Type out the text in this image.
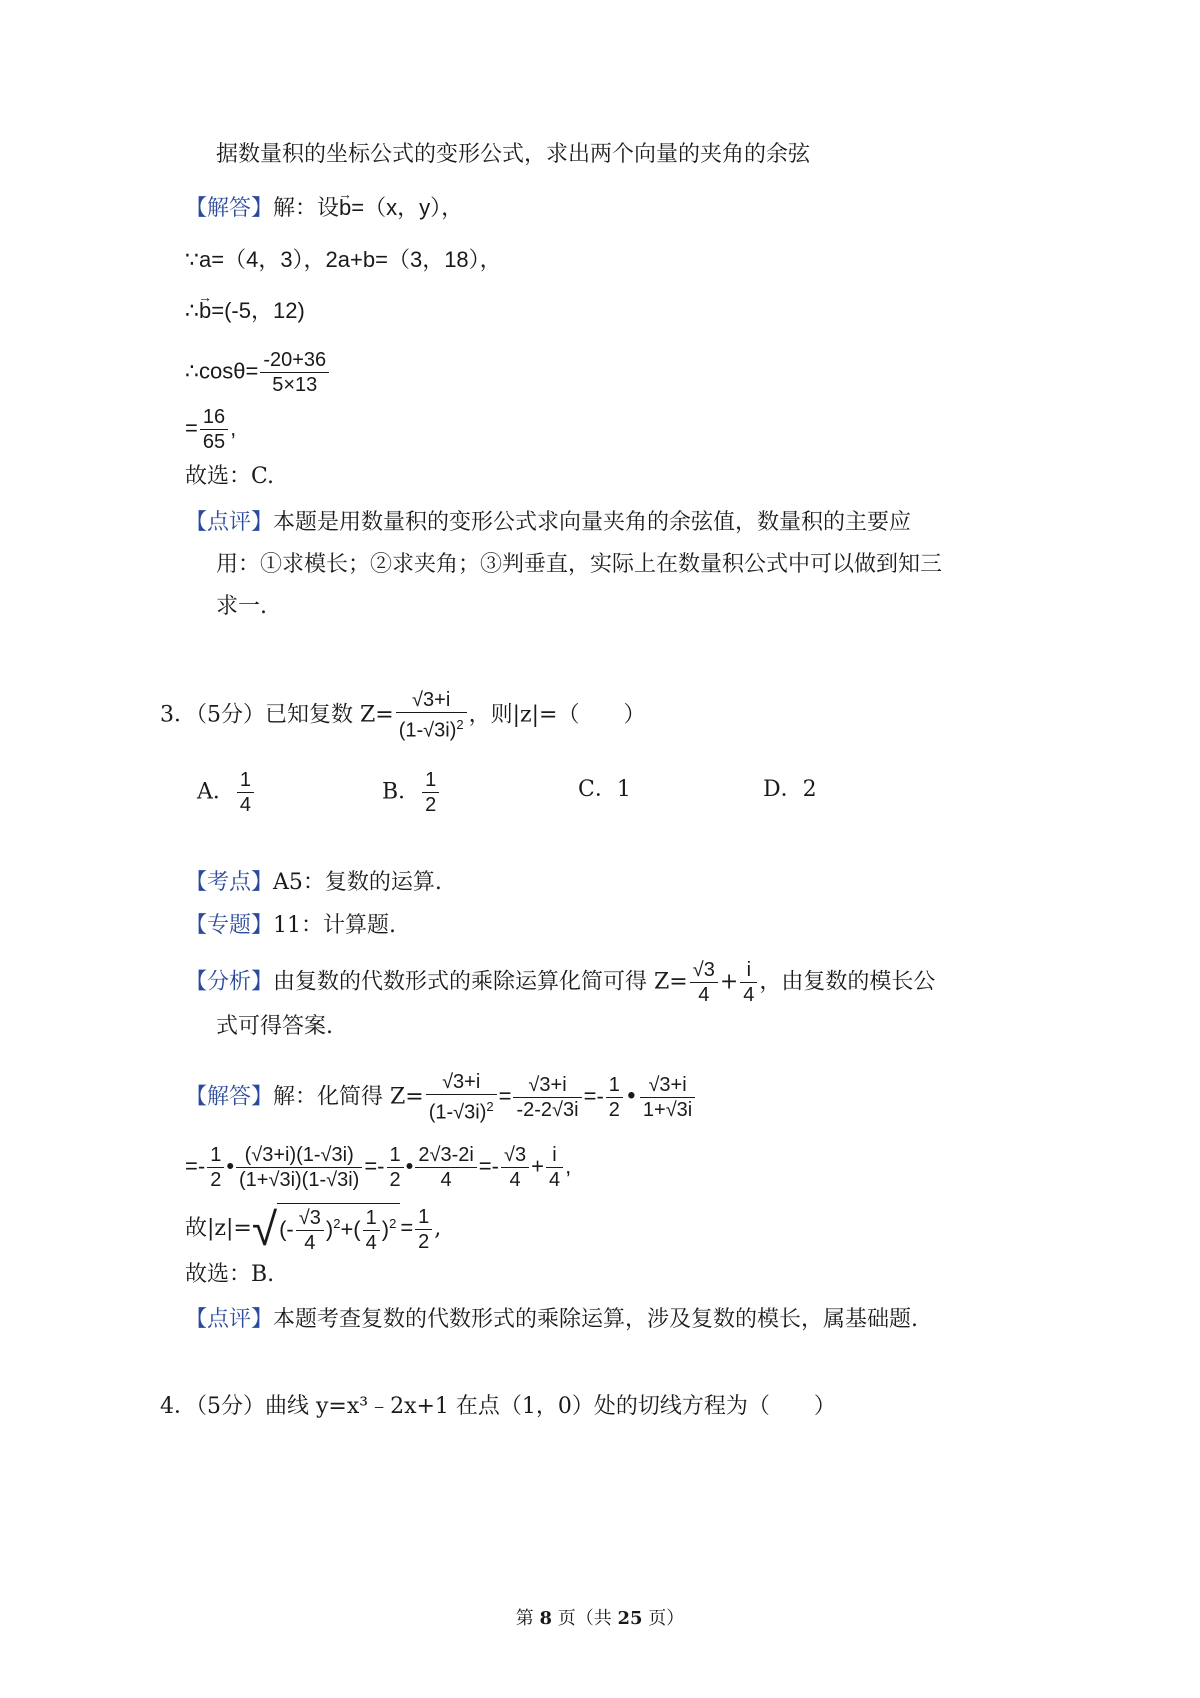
据数量积的坐标公式的变形公式，求出两个向量的夹角的余弦
【解答】解：设→ b=（x，y），
∵a=（4，3），2a+b=（3，18），
∴→ b=(-5，12)
∴cosθ= $\frac{-20+36}{5\times 13}$
= $\frac{16}{65}$ ,
故选：C.
【点评】本题是用数量积的变形公式求向量夹角的余弦值，数量积的主要应
用：①求模长；②求夹角；③判垂直，实际上在数量积公式中可以做到知三
求一.
3．（5分）已知复数 $Z= \frac{√3+i}{(1-√3i)^2}$ ，则|z|=（　　）
A． $\frac{1}{4}$	B． $\frac{1}{2}$	C．1	D．2
【考点】A5：复数的运算.
【专题】11：计算题.
【分析】由复数的代数形式的乘除运算化简可得 $Z= \frac{√3}{4} + \frac{i}{4}$ ，由复数的模长公
式可得答案.
【解答】解：化简得 $Z= \frac{√3+i}{(1-√3i)^2} = \frac{√3+i}{-2-2√3i} =- \frac{1}{2}$ • $\frac{√3+i}{1+√3i}$
=- $\frac{1}{2}$ • $\frac{(√3+i)(1-√3i)}{(1+√3i)(1-√3i)} =- \frac{1}{2}$ • $\frac{2√3-2i}{4} =- \frac{√3}{4} + \frac{i}{4}$ ,
故$|z|=√(- \frac{√3}{4} )^2+( \frac{1}{4} )^2 = \frac{1}{2}$ ,
故选：B.
【点评】本题考查复数的代数形式的乘除运算，涉及复数的模长，属基础题.
4．（5分）曲线 y=x³﹣2x+1 在点（1，0）处的切线方程为（　　）
第 8 页（共 25 页）
